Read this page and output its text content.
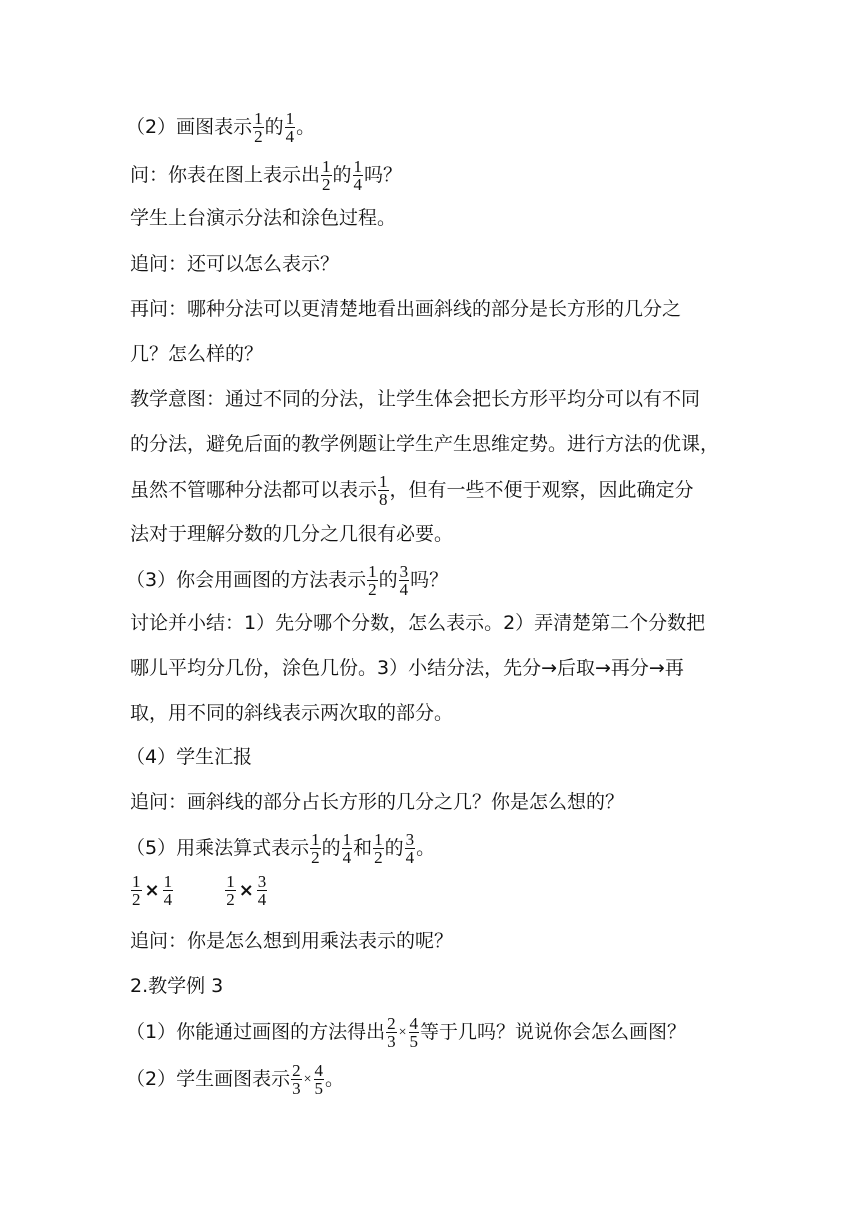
（2）画图表示 $\frac{1}{2}$ 的 $\frac{1}{4}$ 。
问：你表在图上表示出 $\frac{1}{2}$ 的 $\frac{1}{4}$ 吗？
学生上台演示分法和涂色过程。
追问：还可以怎么表示？
再问：哪种分法可以更清楚地看出画斜线的部分是长方形的几分之
几？怎么样的？
教学意图：通过不同的分法，让学生体会把长方形平均分可以有不同
的分法，避免后面的教学例题让学生产生思维定势。进行方法的优课，
虽然不管哪种分法都可以表示 $\frac{1}{8}$ ，但有一些不便于观察，因此确定分
法对于理解分数的几分之几很有必要。
（3）你会用画图的方法表示 $\frac{1}{2}$ 的 $\frac{3}{4}$ 吗？
讨论并小结：1）先分哪个分数，怎么表示。2）弄清楚第二个分数把
哪儿平均分几份，涂色几份。3）小结分法，先分→后取→再分→再
取，用不同的斜线表示两次取的部分。
（4）学生汇报
追问：画斜线的部分占长方形的几分之几？你是怎么想的？
（5）用乘法算式表示 $\frac{1}{2}$ 的 $\frac{1}{4}$ 和 $\frac{1}{2}$ 的 $\frac{3}{4}$ 。
$\frac{1}{2} \times \frac{1}{4}$
	$\frac{1}{2} \times \frac{3}{4}$
追问：你是怎么想到用乘法表示的呢？
2.教学例 3
（1）你能通过画图的方法得出 $\frac{2}{3} \times \frac{4}{5}$ 等于几吗？说说你会怎么画图？
（2）学生画图表示 $\frac{2}{3} \times \frac{4}{5}$ 。
